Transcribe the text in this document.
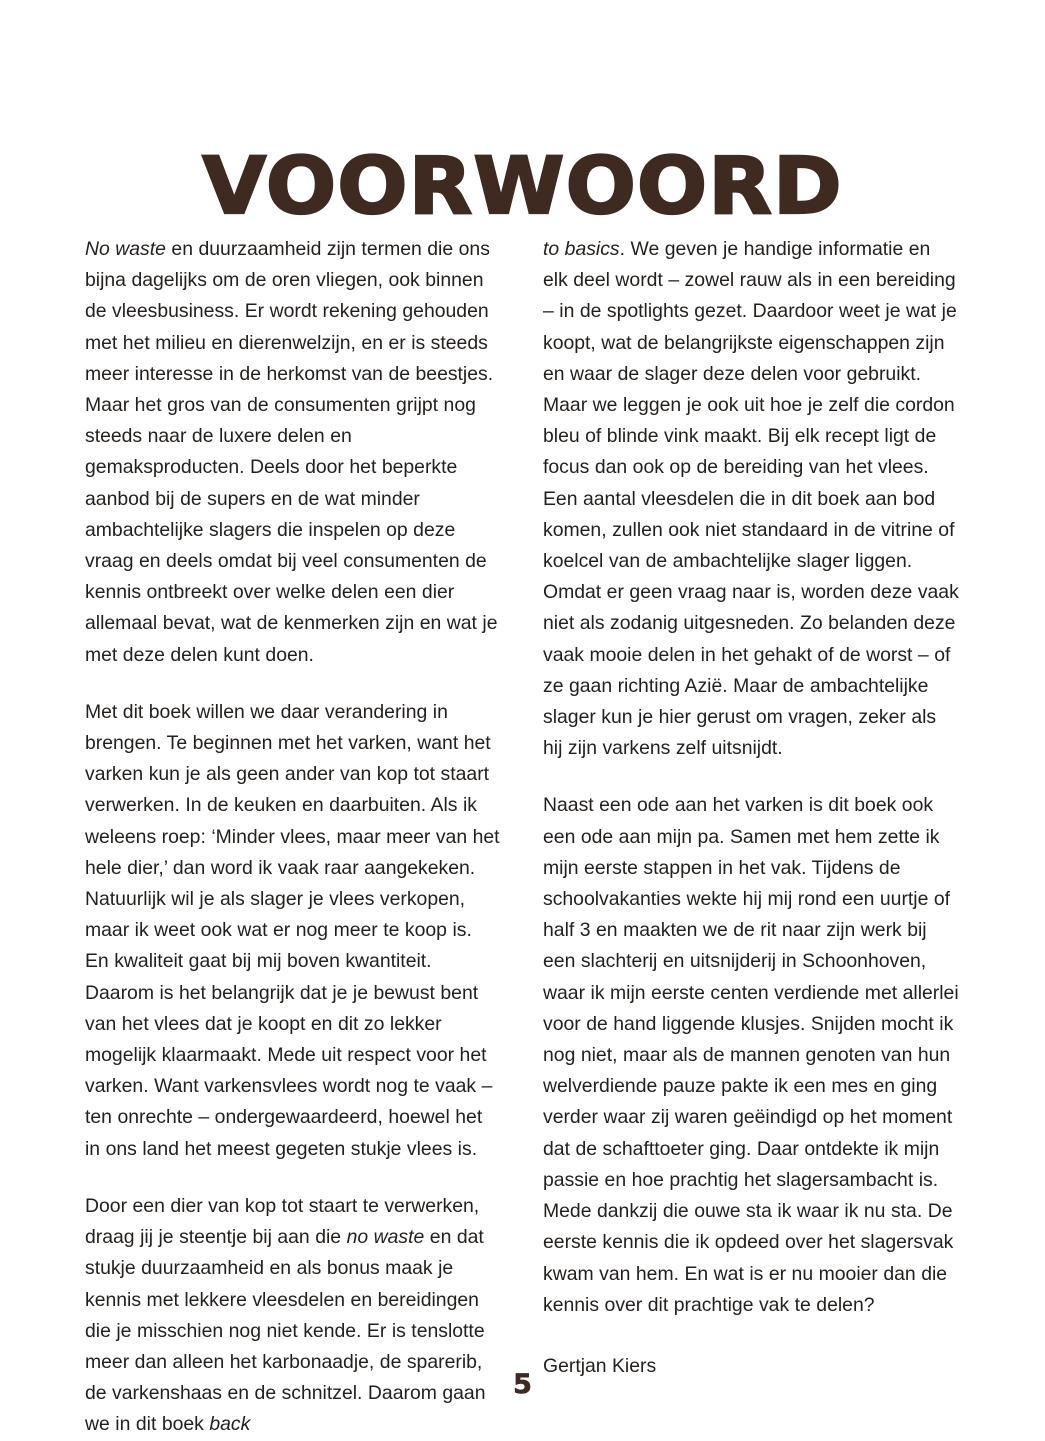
VOORWOORD

No waste en duurzaamheid zijn termen die ons bijna dagelijks om de oren vliegen, ook binnen de vleesbusiness. Er wordt rekening gehouden met het milieu en dierenwelzijn, en er is steeds meer interesse in de herkomst van de beestjes. Maar het gros van de consumenten grijpt nog steeds naar de luxere delen en gemaksproducten. Deels door het beperkte aanbod bij de supers en de wat minder ambachtelijke slagers die inspelen op deze vraag en deels omdat bij veel consumenten de kennis ontbreekt over welke delen een dier allemaal bevat, wat de kenmerken zijn en wat je met deze delen kunt doen.

Met dit boek willen we daar verandering in brengen. Te beginnen met het varken, want het varken kun je als geen ander van kop tot staart verwerken. In de keuken en daarbuiten. Als ik weleens roep: ‘Minder vlees, maar meer van het hele dier,’ dan word ik vaak raar aangekeken. Natuurlijk wil je als slager je vlees verkopen, maar ik weet ook wat er nog meer te koop is. En kwaliteit gaat bij mij boven kwantiteit. Daarom is het belangrijk dat je je bewust bent van het vlees dat je koopt en dit zo lekker mogelijk klaarmaakt. Mede uit respect voor het varken. Want varkensvlees wordt nog te vaak – ten onrechte – ondergewaardeerd, hoewel het in ons land het meest gegeten stukje vlees is.

Door een dier van kop tot staart te verwerken, draag jij je steentje bij aan die no waste en dat stukje duurzaamheid en als bonus maak je kennis met lekkere vleesdelen en bereidingen die je misschien nog niet kende. Er is tenslotte meer dan alleen het karbonaadje, de sparerib, de varkenshaas en de schnitzel. Daarom gaan we in dit boek back

to basics. We geven je handige informatie en elk deel wordt – zowel rauw als in een bereiding – in de spotlights gezet. Daardoor weet je wat je koopt, wat de belangrijkste eigenschappen zijn en waar de slager deze delen voor gebruikt. Maar we leggen je ook uit hoe je zelf die cordon bleu of blinde vink maakt. Bij elk recept ligt de focus dan ook op de bereiding van het vlees. Een aantal vleesdelen die in dit boek aan bod komen, zullen ook niet standaard in de vitrine of koelcel van de ambachtelijke slager liggen. Omdat er geen vraag naar is, worden deze vaak niet als zodanig uitgesneden. Zo belanden deze vaak mooie delen in het gehakt of de worst – of ze gaan richting Azië. Maar de ambachtelijke slager kun je hier gerust om vragen, zeker als hij zijn varkens zelf uitsnijdt.

Naast een ode aan het varken is dit boek ook een ode aan mijn pa. Samen met hem zette ik mijn eerste stappen in het vak. Tijdens de schoolvakanties wekte hij mij rond een uurtje of half 3 en maakten we de rit naar zijn werk bij een slachterij en uitsnijderij in Schoonhoven, waar ik mijn eerste centen verdiende met allerlei voor de hand liggende klusjes. Snijden mocht ik nog niet, maar als de mannen genoten van hun welverdiende pauze pakte ik een mes en ging verder waar zij waren geëindigd op het moment dat de schafttoeter ging. Daar ontdekte ik mijn passie en hoe prachtig het slagersambacht is. Mede dankzij die ouwe sta ik waar ik nu sta. De eerste kennis die ik opdeed over het slagersvak kwam van hem. En wat is er nu mooier dan die kennis over dit prachtige vak te delen?

Gertjan Kiers

5
